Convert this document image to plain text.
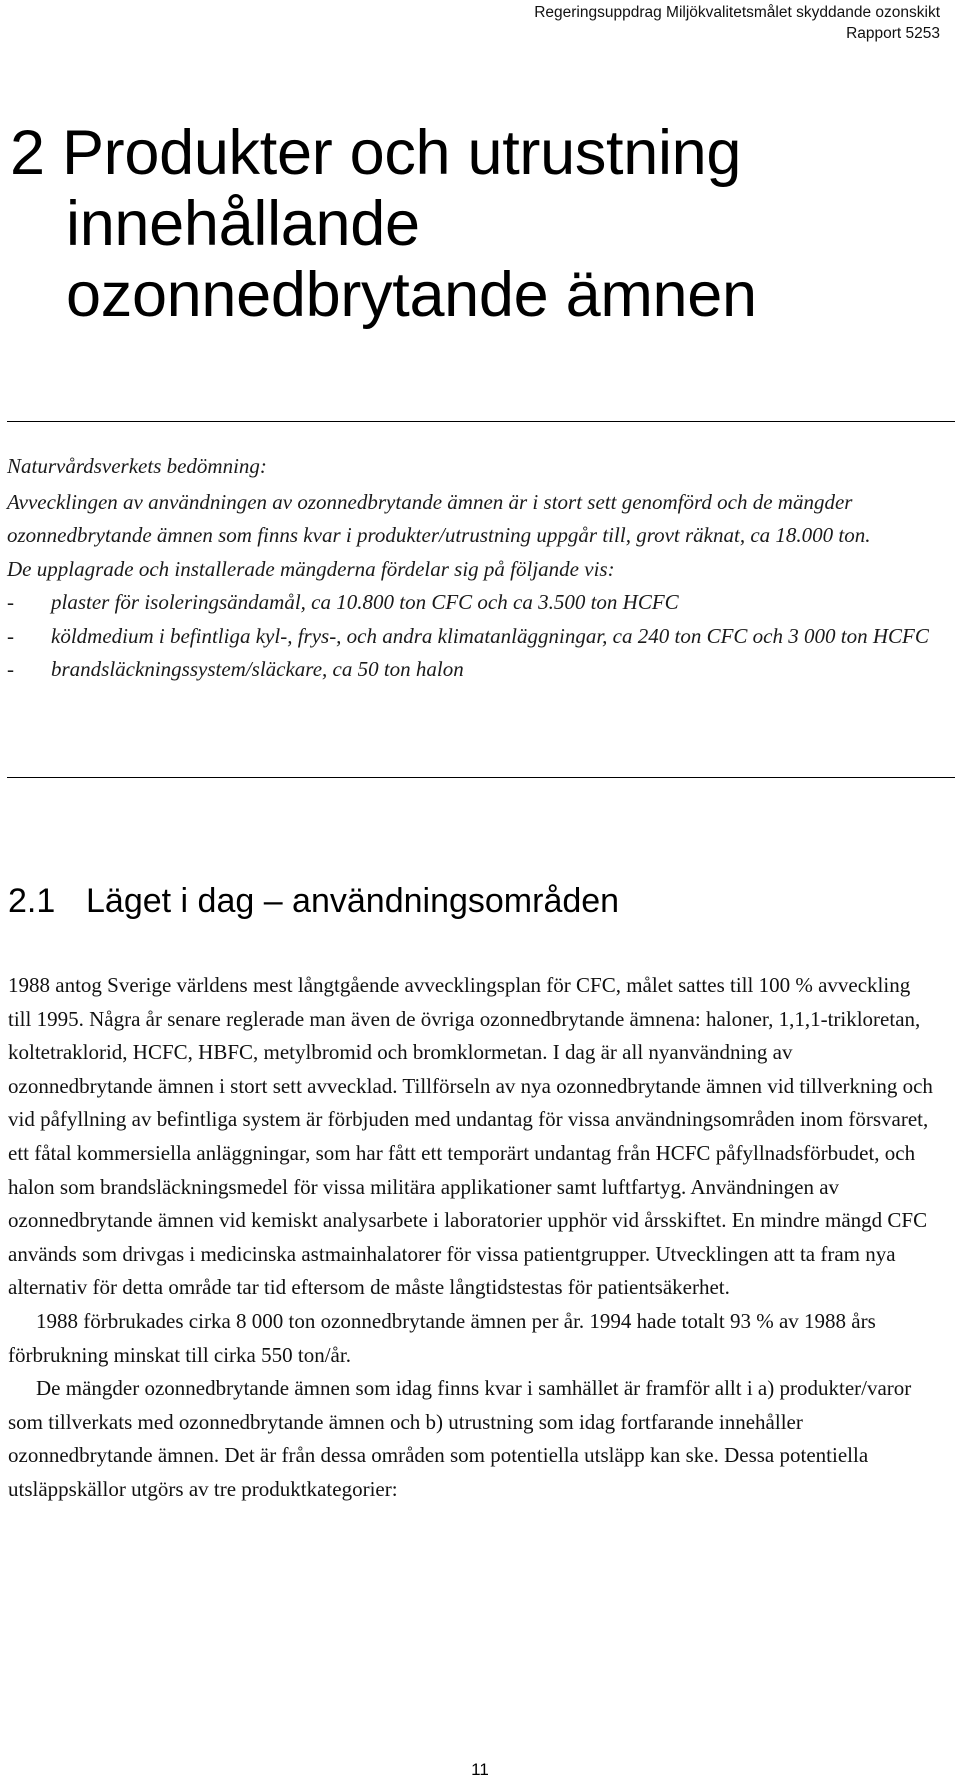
Regeringsuppdrag Miljökvalitetsmålet skyddande ozonskikt
Rapport 5253
2 Produkter och utrustning
innehållande
ozonnedbrytande ämnen

Naturvårdsverkets bedömning:

Avvecklingen av användningen av ozonnedbrytande ämnen är i stort sett genomförd och de mängder ozonnedbrytande ämnen som finns kvar i produkter/utrustning uppgår till, grovt räknat, ca 18.000 ton.

De upplagrade och installerade mängderna fördelar sig på följande vis:

- plaster för isoleringsändamål, ca 10.800 ton CFC och ca 3.500 ton HCFC
- köldmedium i befintliga kyl-, frys-, och andra klimatanläggningar, ca 240 ton CFC och 3 000 ton HCFC
- brandsläckningssystem/släckare, ca 50 ton halon
2.1 Läget i dag – användningsområden

1988 antog Sverige världens mest långtgående avvecklingsplan för CFC, målet sattes till 100 % avveckling till 1995. Några år senare reglerade man även de övriga ozonnedbrytande ämnena: haloner, 1,1,1-trikloretan, koltetraklorid, HCFC, HBFC, metylbromid och bromklormetan. I dag är all nyanvändning av ozonnedbrytande ämnen i stort sett avvecklad. Tillförseln av nya ozonnedbrytande ämnen vid tillverkning och vid påfyllning av befintliga system är förbjuden med undantag för vissa användningsområden inom försvaret, ett fåtal kommersiella anläggningar, som har fått ett temporärt undantag från HCFC påfyllnadsförbudet, och halon som brandsläckningsmedel för vissa militära applikationer samt luftfartyg. Användningen av ozonnedbrytande ämnen vid kemiskt analysarbete i laboratorier upphör vid årsskiftet. En mindre mängd CFC används som drivgas i medicinska astmainhalatorer för vissa patientgrupper. Utvecklingen att ta fram nya alternativ för detta område tar tid eftersom de måste långtidstestas för patientsäkerhet.

1988 förbrukades cirka 8 000 ton ozonnedbrytande ämnen per år. 1994 hade totalt 93 % av 1988 års förbrukning minskat till cirka 550 ton/år.

De mängder ozonnedbrytande ämnen som idag finns kvar i samhället är framför allt i a) produkter/varor som tillverkats med ozonnedbrytande ämnen och b) utrustning som idag fortfarande innehåller ozonnedbrytande ämnen. Det är från dessa områden som potentiella utsläpp kan ske. Dessa potentiella utsläppskällor utgörs av tre produktkategorier:

11
